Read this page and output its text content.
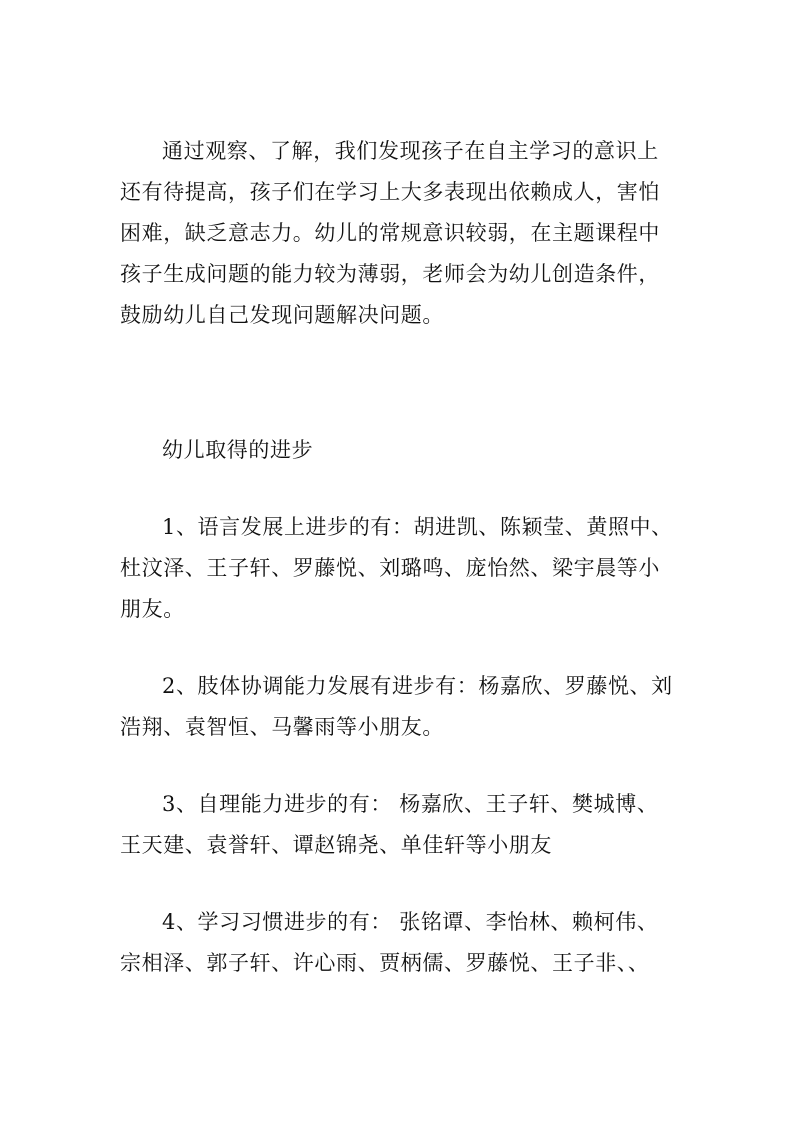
通过观察、了解，我们发现孩子在自主学习的意识上还有待提高，孩子们在学习上大多表现出依赖成人，害怕困难，缺乏意志力。幼儿的常规意识较弱，在主题课程中孩子生成问题的能力较为薄弱，老师会为幼儿创造条件，鼓励幼儿自己发现问题解决问题。

幼儿取得的进步

1、语言发展上进步的有：胡进凯、陈颖莹、黄照中、杜汶泽、王子轩、罗藤悦、刘璐鸣、庞怡然、梁宇晨等小朋友。

2、肢体协调能力发展有进步有：杨嘉欣、罗藤悦、刘浩翔、袁智恒、马馨雨等小朋友。

3、自理能力进步的有： 杨嘉欣、王子轩、樊城博、王天建、袁誉轩、谭赵锦尧、单佳轩等小朋友

4、学习习惯进步的有： 张铭谭、李怡林、赖柯伟、宗相泽、郭子轩、许心雨、贾柄儒、罗藤悦、王子非、、
